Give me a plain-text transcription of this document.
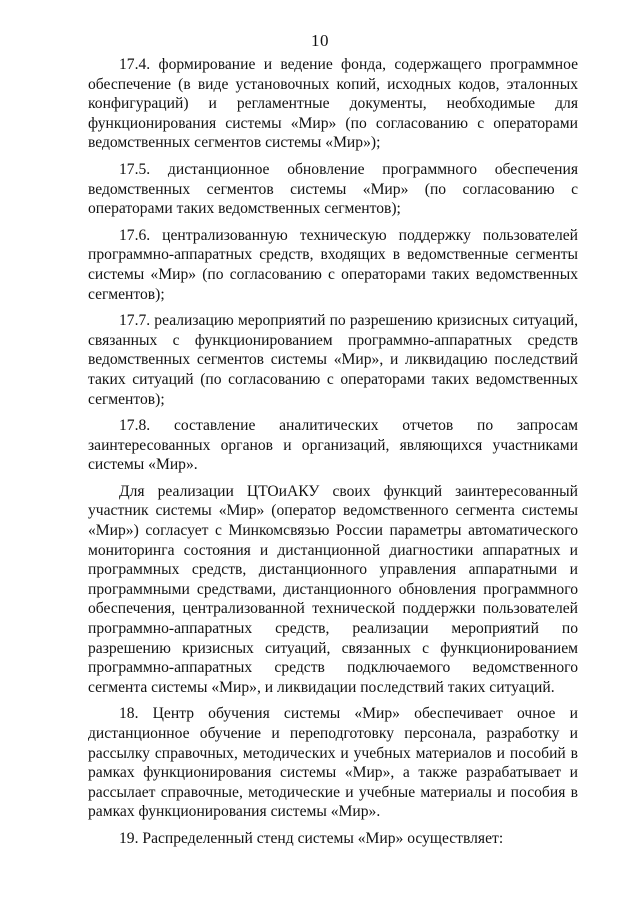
10

17.4. формирование и ведение фонда, содержащего программное обеспечение (в виде установочных копий, исходных кодов, эталонных конфигураций) и регламентные документы, необходимые для функционирования системы «Мир» (по согласованию с операторами ведомственных сегментов системы «Мир»);

17.5. дистанционное обновление программного обеспечения ведомственных сегментов системы «Мир» (по согласованию с операторами таких ведомственных сегментов);

17.6. централизованную техническую поддержку пользователей программно-аппаратных средств, входящих в ведомственные сегменты системы «Мир» (по согласованию с операторами таких ведомственных сегментов);

17.7. реализацию мероприятий по разрешению кризисных ситуаций, связанных с функционированием программно-аппаратных средств ведомственных сегментов системы «Мир», и ликвидацию последствий таких ситуаций (по согласованию с операторами таких ведомственных сегментов);

17.8. составление аналитических отчетов по запросам заинтересованных органов и организаций, являющихся участниками системы «Мир».

Для реализации ЦТОиАКУ своих функций заинтересованный участник системы «Мир» (оператор ведомственного сегмента системы «Мир») согласует с Минкомсвязью России параметры автоматического мониторинга состояния и дистанционной диагностики аппаратных и программных средств, дистанционного управления аппаратными и программными средствами, дистанционного обновления программного обеспечения, централизованной технической поддержки пользователей программно-аппаратных средств, реализации мероприятий по разрешению кризисных ситуаций, связанных с функционированием программно-аппаратных средств подключаемого ведомственного сегмента системы «Мир», и ликвидации последствий таких ситуаций.

18. Центр обучения системы «Мир» обеспечивает очное и дистанционное обучение и переподготовку персонала, разработку и рассылку справочных, методических и учебных материалов и пособий в рамках функционирования системы «Мир», а также разрабатывает и рассылает справочные, методические и учебные материалы и пособия в рамках функционирования системы «Мир».

19. Распределенный стенд системы «Мир» осуществляет:
